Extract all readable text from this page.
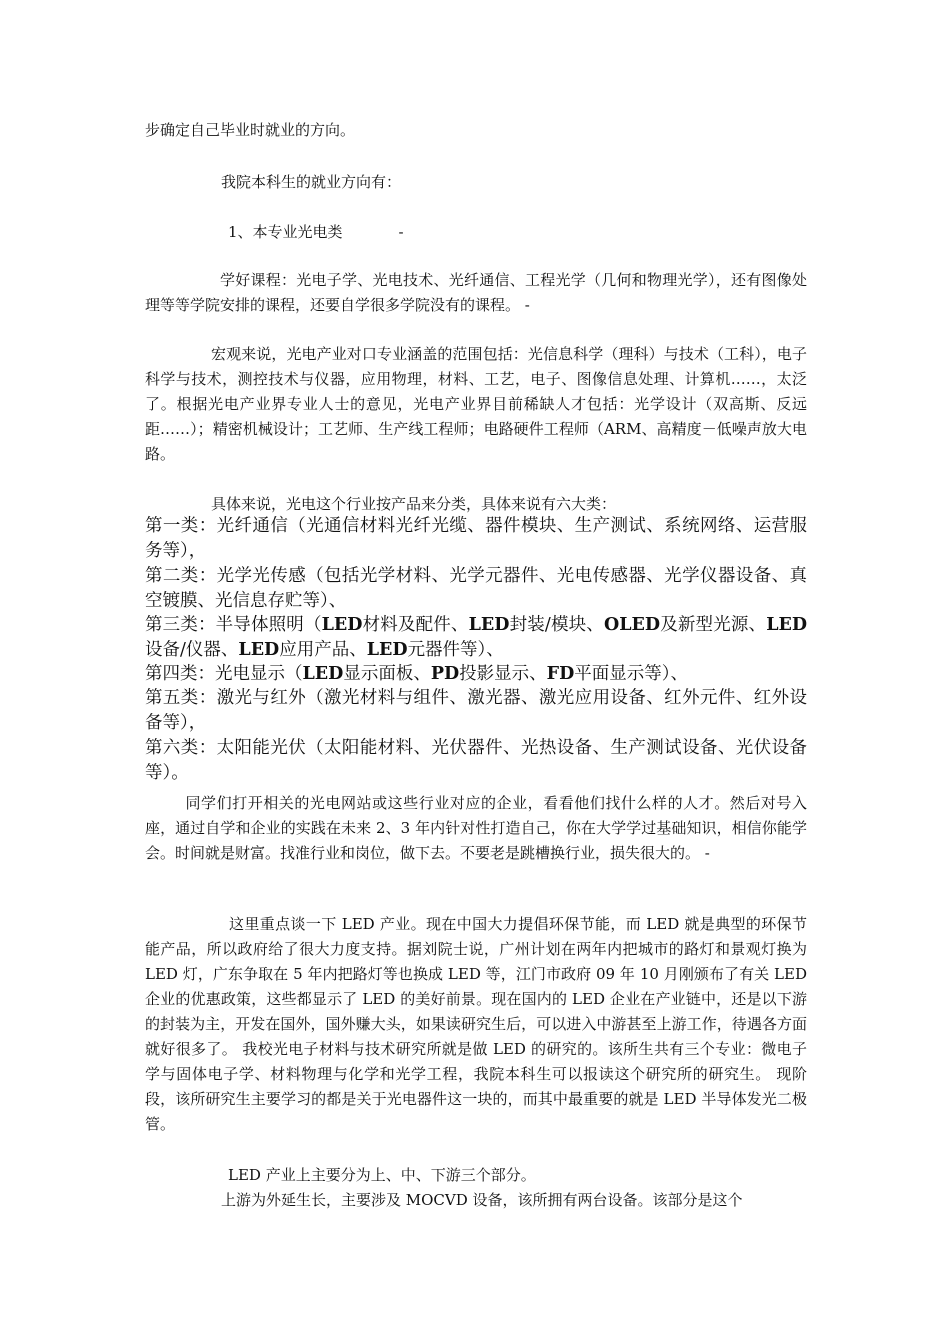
步确定自己毕业时就业的方向。

我院本科生的就业方向有：

1、本专业光电类	-

学好课程：光电子学、光电技术、光纤通信、工程光学（几何和物理光学），还有图像处理等等学院安排的课程，还要自学很多学院没有的课程。 -

宏观来说，光电产业对口专业涵盖的范围包括：光信息科学（理科）与技术（工科），电子科学与技术，测控技术与仪器，应用物理，材料、工艺，电子、图像信息处理、计算机……，太泛了。根据光电产业界专业人士的意见，光电产业界目前稀缺人才包括：光学设计（双高斯、反远距……）；精密机械设计；工艺师、生产线工程师；电路硬件工程师（ARM、高精度－低噪声放大电路。

具体来说，光电这个行业按产品来分类，具体来说有六大类：

第一类：光纤通信（光通信材料光纤光缆、器件模块、生产测试、系统网络、运营服务等），

第二类：光学光传感（包括光学材料、光学元器件、光电传感器、光学仪器设备、真空镀膜、光信息存贮等）、

第三类：半导体照明（LED材料及配件、LED封装/模块、OLED及新型光源、LED设备/仪器、LED应用产品、LED元器件等）、

第四类：光电显示（LED显示面板、PD投影显示、FD平面显示等）、

第五类：激光与红外（激光材料与组件、激光器、激光应用设备、红外元件、红外设备等），

第六类：太阳能光伏（太阳能材料、光伏器件、光热设备、生产测试设备、光伏设备等）。

同学们打开相关的光电网站或这些行业对应的企业，看看他们找什么样的人才。然后对号入座，通过自学和企业的实践在未来 2、3 年内针对性打造自己，你在大学学过基础知识，相信你能学会。时间就是财富。找准行业和岗位，做下去。不要老是跳槽换行业，损失很大的。 -

这里重点谈一下 LED 产业。现在中国大力提倡环保节能，而 LED 就是典型的环保节能产品，所以政府给了很大力度支持。据刘院士说，广州计划在两年内把城市的路灯和景观灯换为 LED 灯，广东争取在 5 年内把路灯等也换成 LED 等，江门市政府 09 年 10 月刚颁布了有关 LED 企业的优惠政策，这些都显示了 LED 的美好前景。现在国内的 LED 企业在产业链中，还是以下游的封装为主，开发在国外，国外赚大头，如果读研究生后，可以进入中游甚至上游工作，待遇各方面就好很多了。 我校光电子材料与技术研究所就是做 LED 的研究的。该所生共有三个专业：微电子学与固体电子学、材料物理与化学和光学工程，我院本科生可以报读这个研究所的研究生。 现阶段，该所研究生主要学习的都是关于光电器件这一块的，而其中最重要的就是 LED 半导体发光二极管。

LED 产业上主要分为上、中、下游三个部分。

上游为外延生长，主要涉及 MOCVD 设备，该所拥有两台设备。该部分是这个
